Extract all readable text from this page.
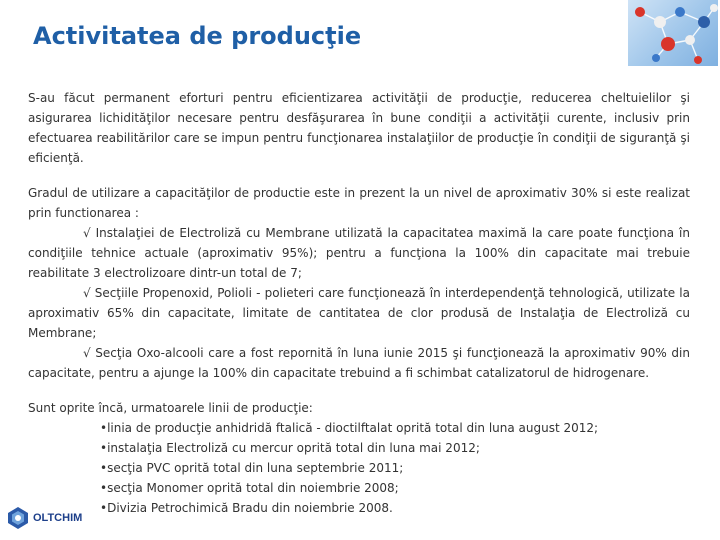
Activitatea de producţie
S-au făcut permanent eforturi pentru eficientizarea activităţii de producţie, reducerea cheltuielilor şi asigurarea lichidităţilor necesare pentru desfăşurarea în bune condiţii a activităţii curente, inclusiv prin efectuarea reabilitărilor care se impun pentru funcţionarea instalaţiilor de producţie în condiţii de siguranţă şi eficienţă.

Gradul de utilizare a capacităţilor de productie este in prezent la un nivel de aproximativ 30% si este realizat prin functionarea :

√ Instalaţiei de Electroliză cu Membrane utilizată la capacitatea maximă la care poate funcţiona în condiţiile tehnice actuale (aproximativ 95%); pentru a funcţiona la 100% din capacitate mai trebuie reabilitate 3 electrolizoare dintr-un total de 7;

√ Secţiile Propenoxid, Polioli - polieteri care funcţionează în interdependenţă tehnologică, utilizate la aproximativ 65% din capacitate, limitate de cantitatea de clor produsă de Instalaţia de Electroliză cu Membrane;

√ Secţia Oxo-alcooli care a fost repornită în luna iunie 2015 şi funcţionează la aproximativ 90% din capacitate, pentru a ajunge la 100% din capacitate trebuind a fi schimbat catalizatorul de hidrogenare.

Sunt oprite încă, urmatoarele linii de producţie:

•linia de producţie anhidridă ftalică - dioctilftalat oprită total din luna august 2012;
•instalaţia Electroliză cu mercur oprită total din luna mai 2012;
•secţia PVC oprită total din luna septembrie 2011;
•secţia Monomer oprită total din noiembrie 2008;
•Divizia Petrochimică Bradu din noiembrie 2008.
OLTCHIM
